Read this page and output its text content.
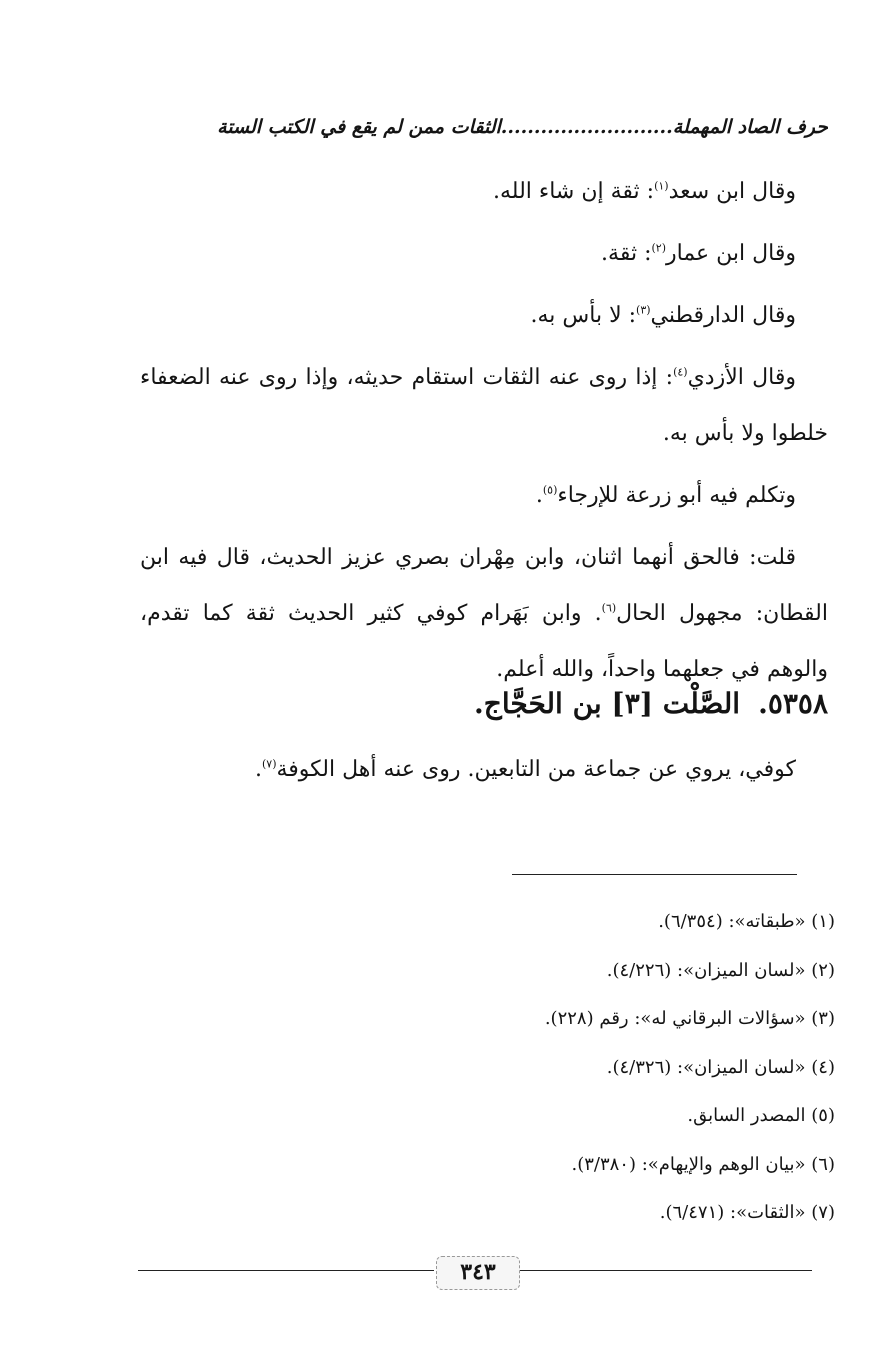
حرف الصاد المهملة..........................الثقات ممن لم يقع في الكتب الستة

وقال ابن سعد$^{(١)}$: ثقة إن شاء الله.

وقال ابن عمار$^{(٢)}$: ثقة.

وقال الدارقطني$^{(٣)}$: لا بأس به.

وقال الأزدي$^{(٤)}$: إذا روى عنه الثقات استقام حديثه، وإذا روى عنه الضعفاء خلطوا ولا بأس به.

وتكلم فيه أبو زرعة للإرجاء$^{(٥)}$.

قلت: فالحق أنهما اثنان، وابن مِهْران بصري عزيز الحديث، قال فيه ابن القطان: مجهول الحال$^{(٦)}$. وابن بَهَرام كوفي كثير الحديث ثقة كما تقدم، والوهم في جعلهما واحداً، والله أعلم.

٥٣٥٨.الصَّلْت [٣] بن الحَجَّاج.
كوفي، يروي عن جماعة من التابعين. روى عنه أهل الكوفة$^{(٧)}$.
(١) «طبقاته»: (٦/٣٥٤).
(٢) «لسان الميزان»: (٤/٢٢٦).
(٣) «سؤالات البرقاني له»: رقم (٢٢٨).
(٤) «لسان الميزان»: (٤/٣٢٦).
(٥) المصدر السابق.
(٦) «بيان الوهم والإيهام»: (٣/٣٨٠).
(٧) «الثقات»: (٦/٤٧١).
٣٤٣
